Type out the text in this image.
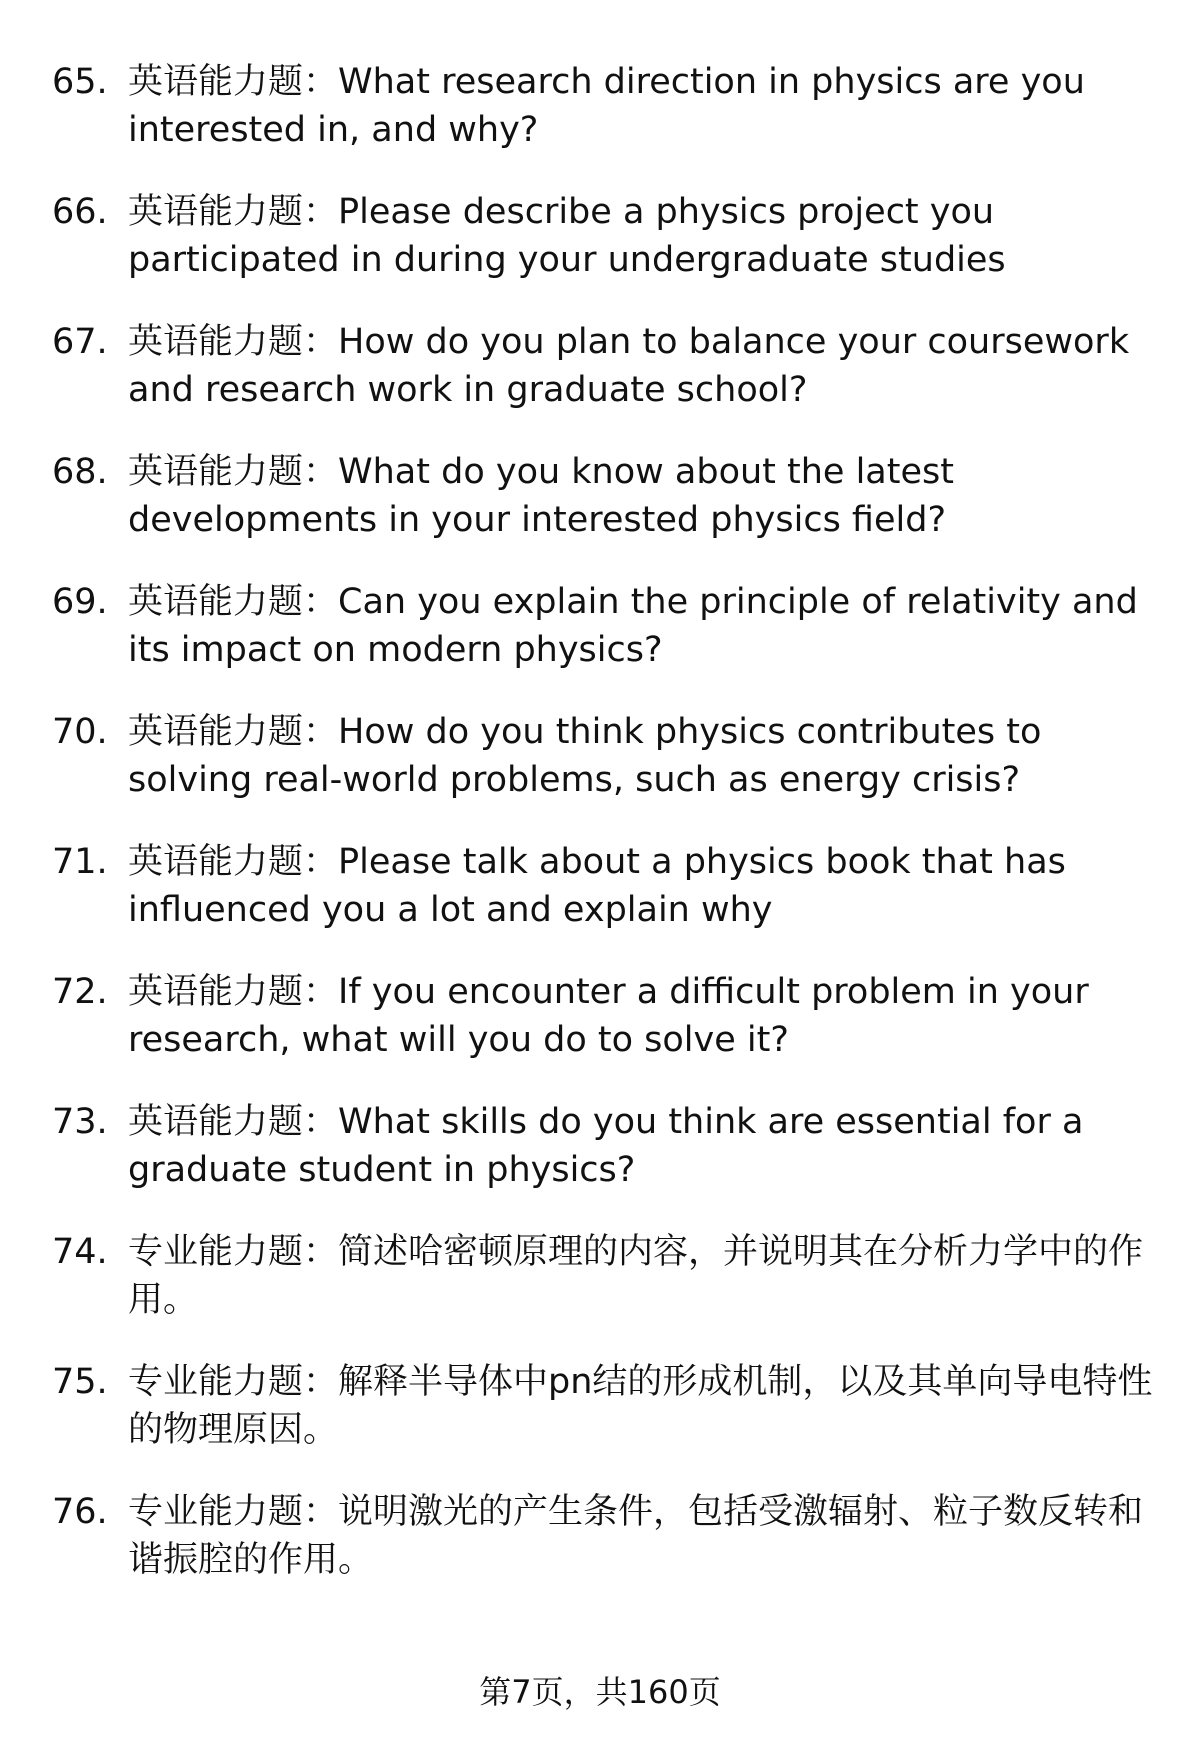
65. 英语能力题：What research direction in physics are you interested in, and why?
66. 英语能力题：Please describe a physics project you participated in during your undergraduate studies
67. 英语能力题：How do you plan to balance your coursework and research work in graduate school?
68. 英语能力题：What do you know about the latest developments in your interested physics field?
69. 英语能力题：Can you explain the principle of relativity and its impact on modern physics?
70. 英语能力题：How do you think physics contributes to solving real-world problems, such as energy crisis?
71. 英语能力题：Please talk about a physics book that has influenced you a lot and explain why
72. 英语能力题：If you encounter a difficult problem in your research, what will you do to solve it?
73. 英语能力题：What skills do you think are essential for a graduate student in physics?
74. 专业能力题：简述哈密顿原理的内容，并说明其在分析力学中的作用。
75. 专业能力题：解释半导体中pn结的形成机制，以及其单向导电特性的物理原因。
76. 专业能力题：说明激光的产生条件，包括受激辐射、粒子数反转和谐振腔的作用。
第7页，共160页
